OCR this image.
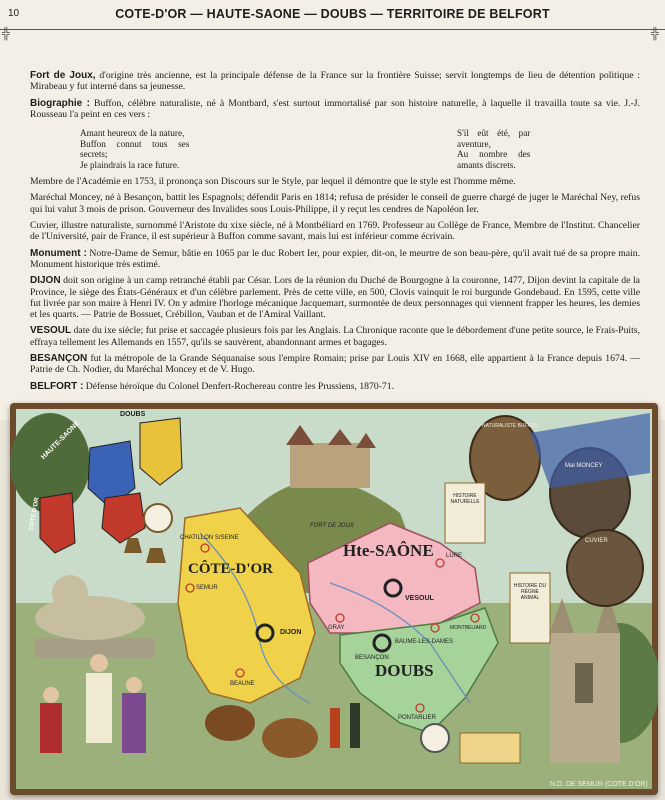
10	COTE-D'OR — HAUTE-SAONE — DOUBS — TERRITOIRE DE BELFORT
╬	╬

Fort de Joux, d'origine très ancienne, est la principale défense de la France sur la frontière Suisse; servit longtemps de lieu de détention politique : Mirabeau y fut interné dans sa jeunesse.

Biographie : Buffon, célèbre naturaliste, né à Montbard, s'est surtout immortalisé par son histoire naturelle, à laquelle il travailla toute sa vie. J.-J. Rousseau l'a peint en ces vers :

Amant heureux de la nature,
Buffon connut tous ses secrets;
Je plaindrais la race future.
S'il eût été, par aventure,
Au nombre des amants discrets.

Membre de l'Académie en 1753, il prononça son Discours sur le Style, par lequel il démontre que le style est l'homme même.

Maréchal Moncey, né à Besançon, battit les Espagnols; défendit Paris en 1814; refusa de présider le conseil de guerre chargé de juger le Maréchal Ney, refus qui lui valut 3 mois de prison. Gouverneur des Invalides sous Louis-Philippe, il y reçut les cendres de Napoléon Ier.

Cuvier, illustre naturaliste, surnommé l'Aristote du xixe siècle, né à Montbéliard en 1769. Professeur au Collège de France, Membre de l'Institut. Chancelier de l'Université, pair de France, il est supérieur à Buffon comme savant, mais lui est inférieur comme écrivain.

Monument : Notre-Dame de Semur, bâtie en 1065 par le duc Robert Ier, pour expier, dit-on, le meurtre de son beau-père, qu'il avait tué de sa propre main. Monument historique très estimé.

DIJON doit son origine à un camp retranché établi par César. Lors de la réunion du Duché de Bourgogne à la couronne, 1477, Dijon devint la capitale de la Province, le siège des États-Généraux et d'un célèbre parlement. Près de cette ville, en 500, Clovis vainquit le roi burgunde Gondebaud. En 1595, cette ville fut livrée par son maire à Henri IV. On y admire l'horloge mécanique Jacquemart, surmontée de deux personnages qui viennent frapper les heures, les demies et les quarts. — Patrie de Bossuet, Crébillon, Vauban et de l'Amiral Vaillant.

VESOUL date du ixe siècle; fut prise et saccagée plusieurs fois par les Anglais. La Chronique raconte que le débordement d'une petite source, le Frais-Puits, effraya tellement les Allemands en 1557, qu'ils se sauvèrent, abandonnant armes et bagages.

BESANÇON fut la métropole de la Grande Séquanaise sous l'empire Romain; prise par Louis XIV en 1668, elle appartient à la France depuis 1674. — Patrie de Ch. Nodier, du Maréchal Moncey et de V. Hugo.

BELFORT : Défense héroïque du Colonel Denfert-Rochereau contre les Prussiens, 1870-71.

CÔTE-D'OR
Hte-SAÔNE
DOUBS
CHATILLON S/SEINE
SEMUR
DIJON
BEAUNE
GRAY
VESOUL
LURE
BESANÇON
BAUME-LES-DAMES
MONTBELIARD
PONTARLIER
HAUTE-SAONE
DOUBS
COTE D'OR
NATURALISTE BUFFON
Mal MONCEY
CUVIER
HISTOIRE NATURELLE
HISTOIRE DU RÈGNE ANIMAL
FORT DE JOUX
N.D. DE SEMUR (COTE D'OR)
